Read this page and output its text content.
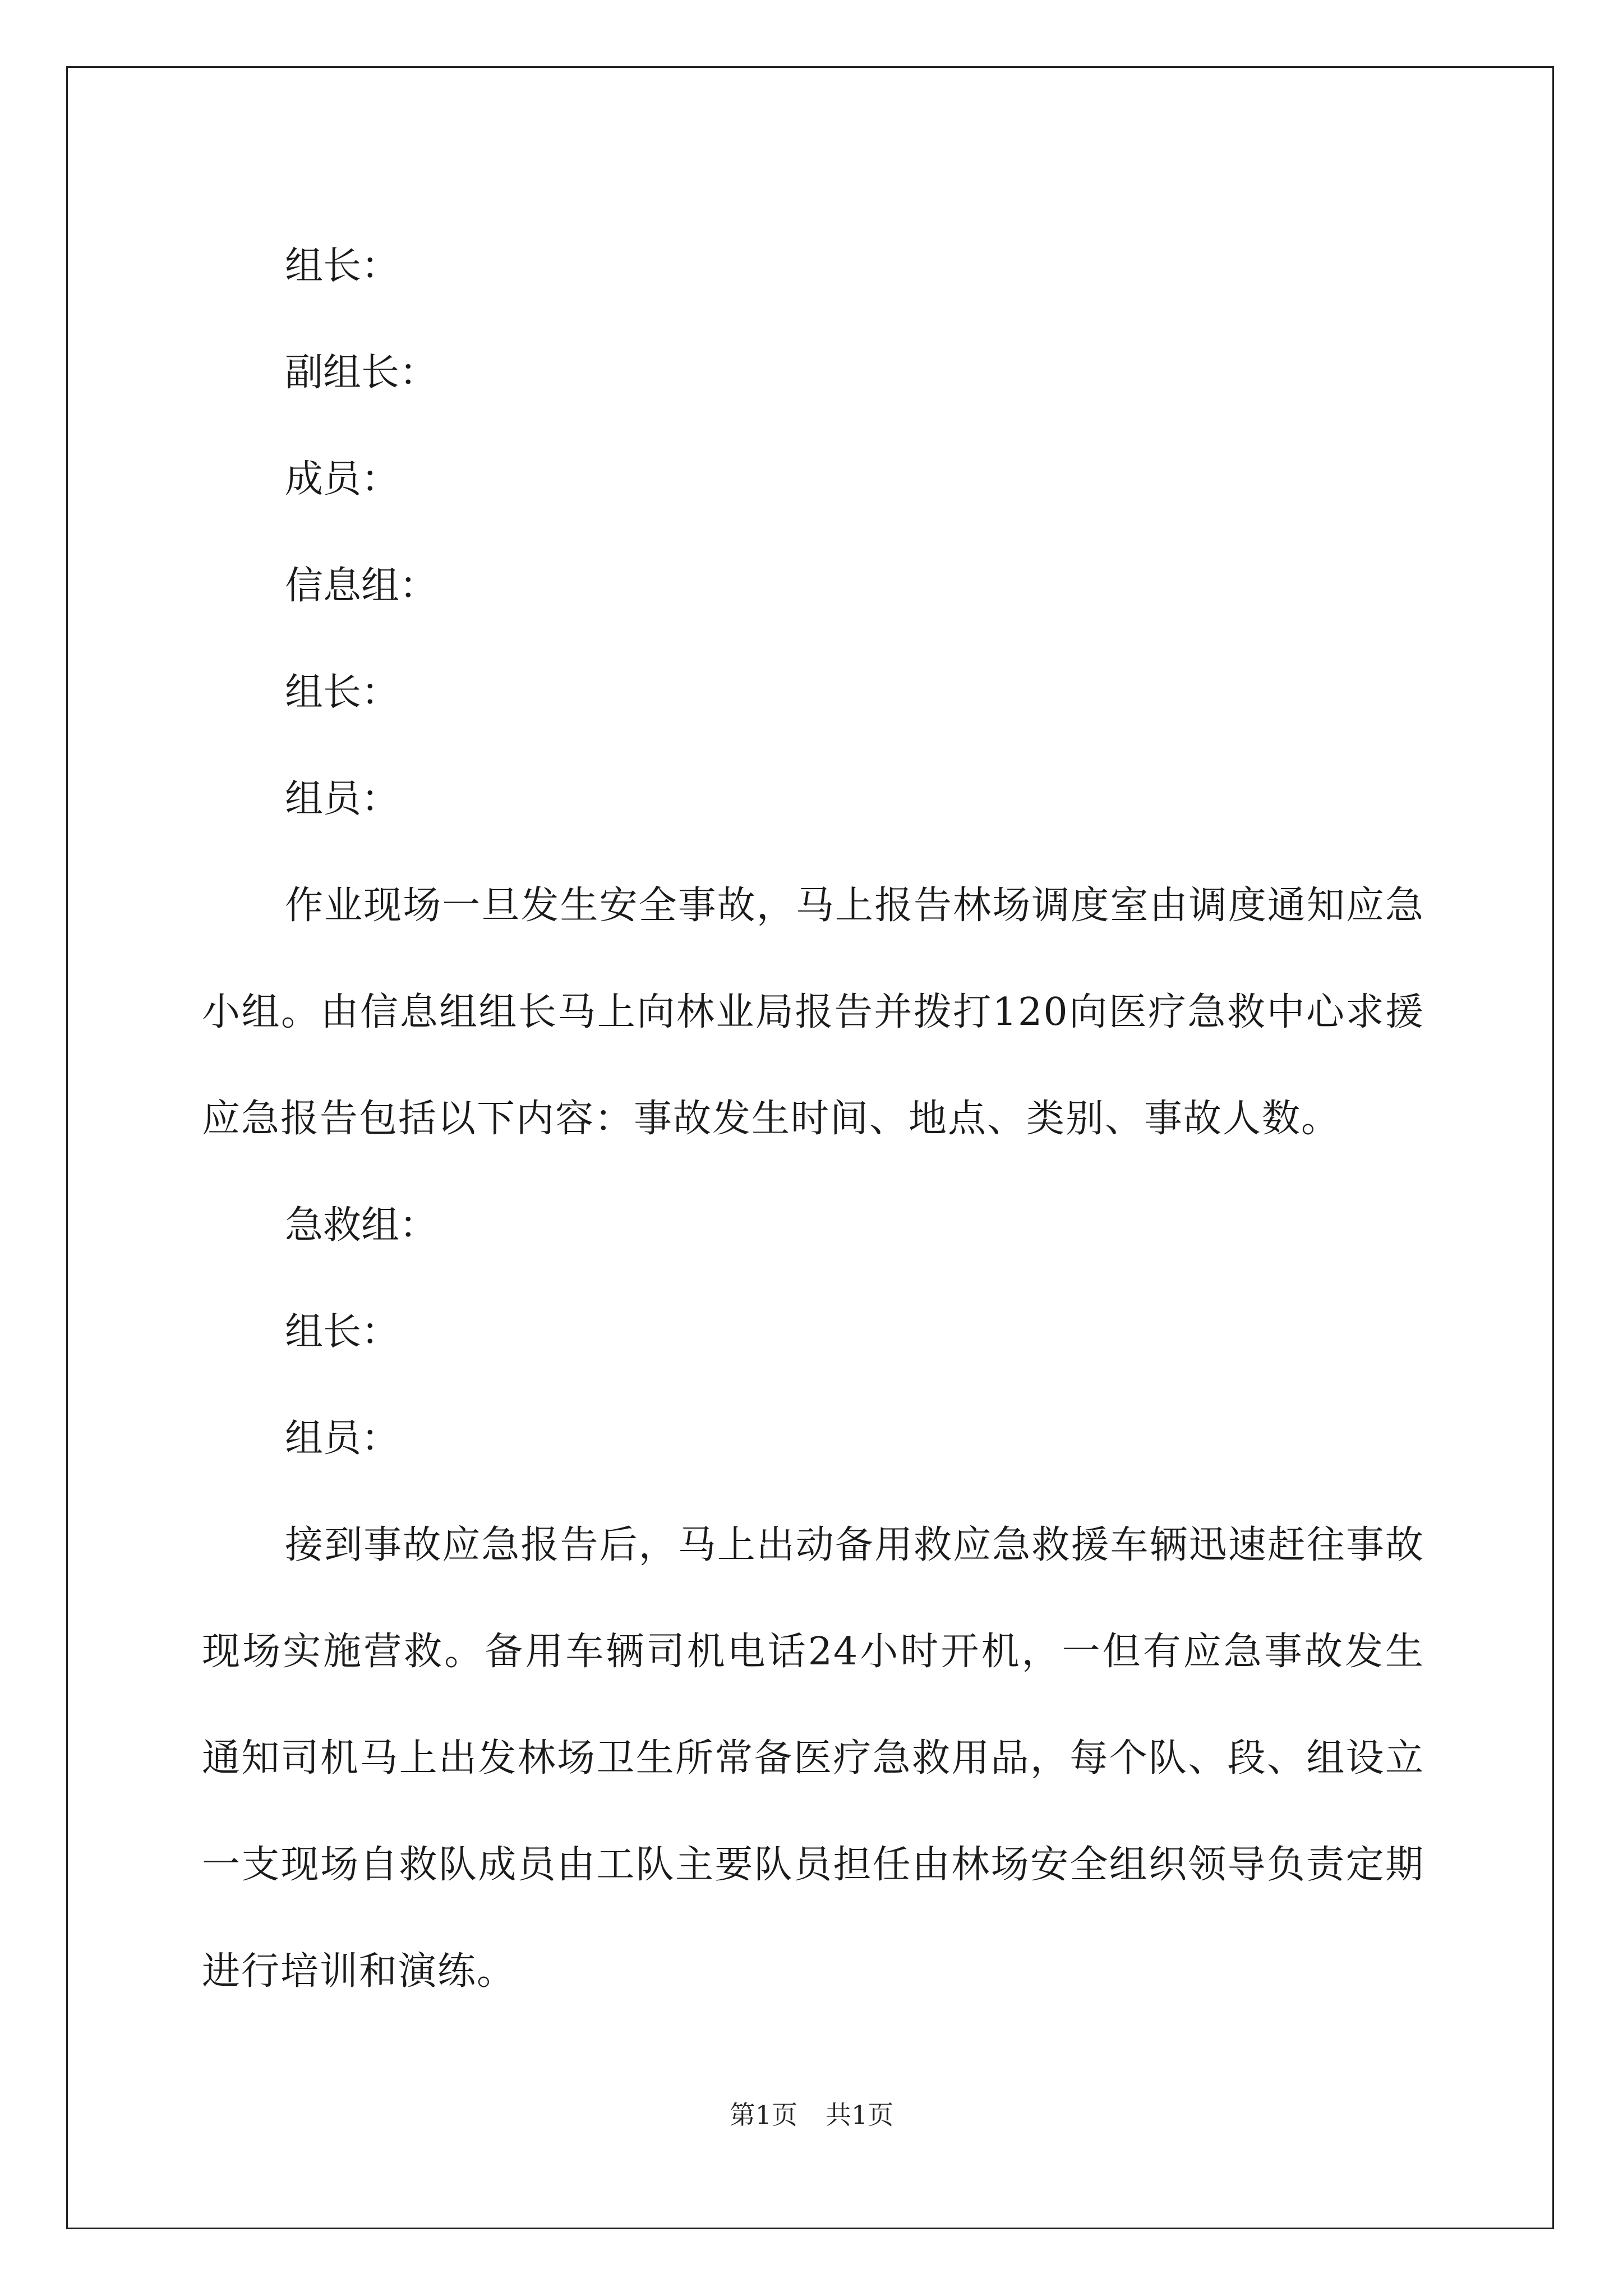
组长：

副组长：

成员：

信息组：

组长：

组员：

作业现场一旦发生安全事故，马上报告林场调度室由调度通知应急小组。由信息组组长马上向林业局报告并拨打120向医疗急救中心求援应急报告包括以下内容：事故发生时间、地点、类别、事故人数。

急救组：

组长：

组员：

接到事故应急报告后，马上出动备用救应急救援车辆迅速赶往事故现场实施营救。备用车辆司机电话24小时开机，一但有应急事故发生通知司机马上出发林场卫生所常备医疗急救用品，每个队、段、组设立一支现场自救队成员由工队主要队员担任由林场安全组织领导负责定期进行培训和演练。

第1页 共1页
